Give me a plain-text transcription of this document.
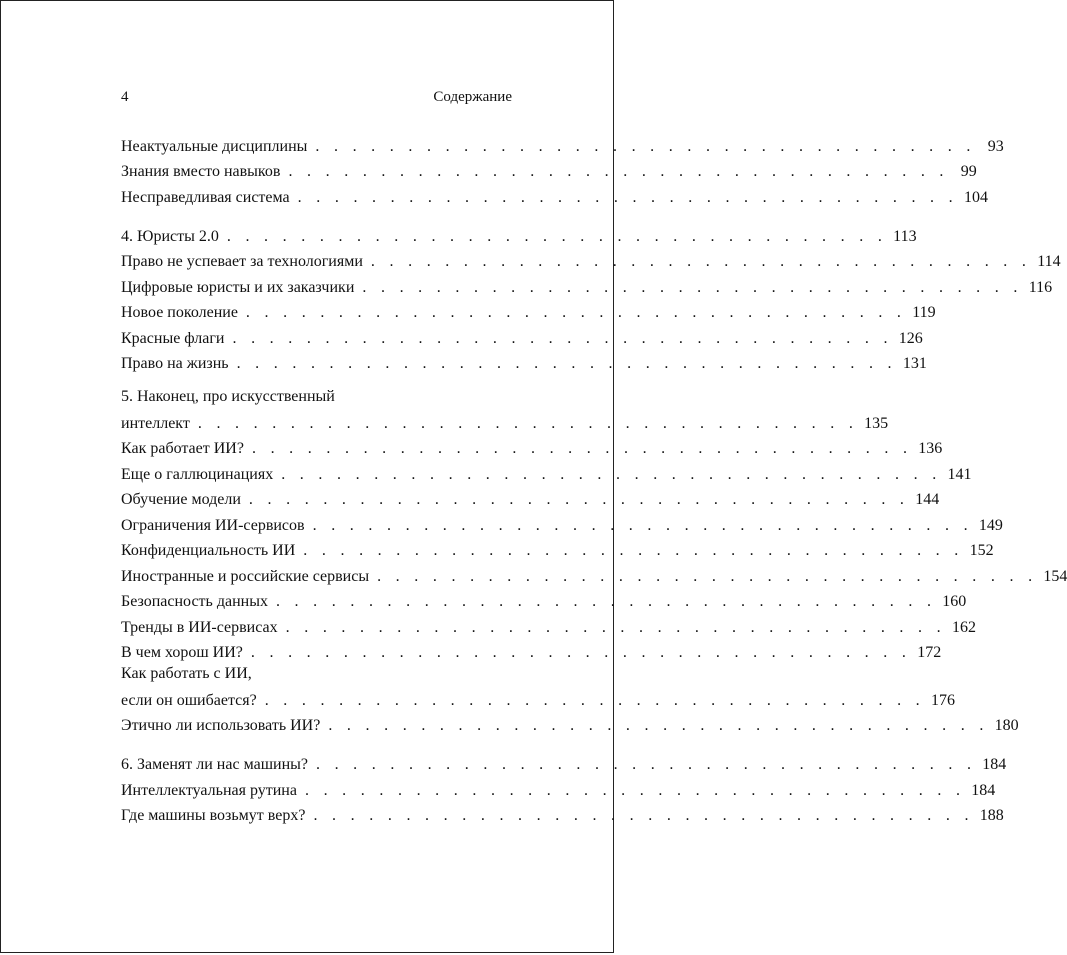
4	Содержание
Неактуальные дисциплины . . . . . . . . . . . . . . . . . . . . . . . . . . . . . . . . . . . . 93
Знания вместо навыков . . . . . . . . . . . . . . . . . . . . . . . . . . . . . . . . . . . . 99
Несправедливая система . . . . . . . . . . . . . . . . . . . . . . . . . . . . . . . . . . . . 104
4. Юристы 2.0 . . . . . . . . . . . . . . . . . . . . . . . . . . . . . . . . . . . . 113
Право не успевает за технологиями . . . . . . . . . . . . . . . . . . . . . . . . . . . . . . . . . . . . 114
Цифровые юристы и их заказчики . . . . . . . . . . . . . . . . . . . . . . . . . . . . . . . . . . . . 116
Новое поколение . . . . . . . . . . . . . . . . . . . . . . . . . . . . . . . . . . . . 119
Красные флаги . . . . . . . . . . . . . . . . . . . . . . . . . . . . . . . . . . . . 126
Право на жизнь . . . . . . . . . . . . . . . . . . . . . . . . . . . . . . . . . . . . 131
5. Наконец, про искусственный
интеллект . . . . . . . . . . . . . . . . . . . . . . . . . . . . . . . . . . . . 135
Как работает ИИ? . . . . . . . . . . . . . . . . . . . . . . . . . . . . . . . . . . . . 136
Еще о галлюцинациях . . . . . . . . . . . . . . . . . . . . . . . . . . . . . . . . . . . . 141
Обучение модели . . . . . . . . . . . . . . . . . . . . . . . . . . . . . . . . . . . . 144
Ограничения ИИ-сервисов . . . . . . . . . . . . . . . . . . . . . . . . . . . . . . . . . . . . 149
Конфиденциальность ИИ . . . . . . . . . . . . . . . . . . . . . . . . . . . . . . . . . . . . 152
Иностранные и российские сервисы . . . . . . . . . . . . . . . . . . . . . . . . . . . . . . . . . . . . 154
Безопасность данных . . . . . . . . . . . . . . . . . . . . . . . . . . . . . . . . . . . . 160
Тренды в ИИ-сервисах . . . . . . . . . . . . . . . . . . . . . . . . . . . . . . . . . . . . 162
В чем хорош ИИ? . . . . . . . . . . . . . . . . . . . . . . . . . . . . . . . . . . . . 172
Как работать с ИИ,
если он ошибается? . . . . . . . . . . . . . . . . . . . . . . . . . . . . . . . . . . . . 176
Этично ли использовать ИИ? . . . . . . . . . . . . . . . . . . . . . . . . . . . . . . . . . . . . 180
6. Заменят ли нас машины? . . . . . . . . . . . . . . . . . . . . . . . . . . . . . . . . . . . . 184
Интеллектуальная рутина . . . . . . . . . . . . . . . . . . . . . . . . . . . . . . . . . . . . 184
Где машины возьмут верх? . . . . . . . . . . . . . . . . . . . . . . . . . . . . . . . . . . . . 188
